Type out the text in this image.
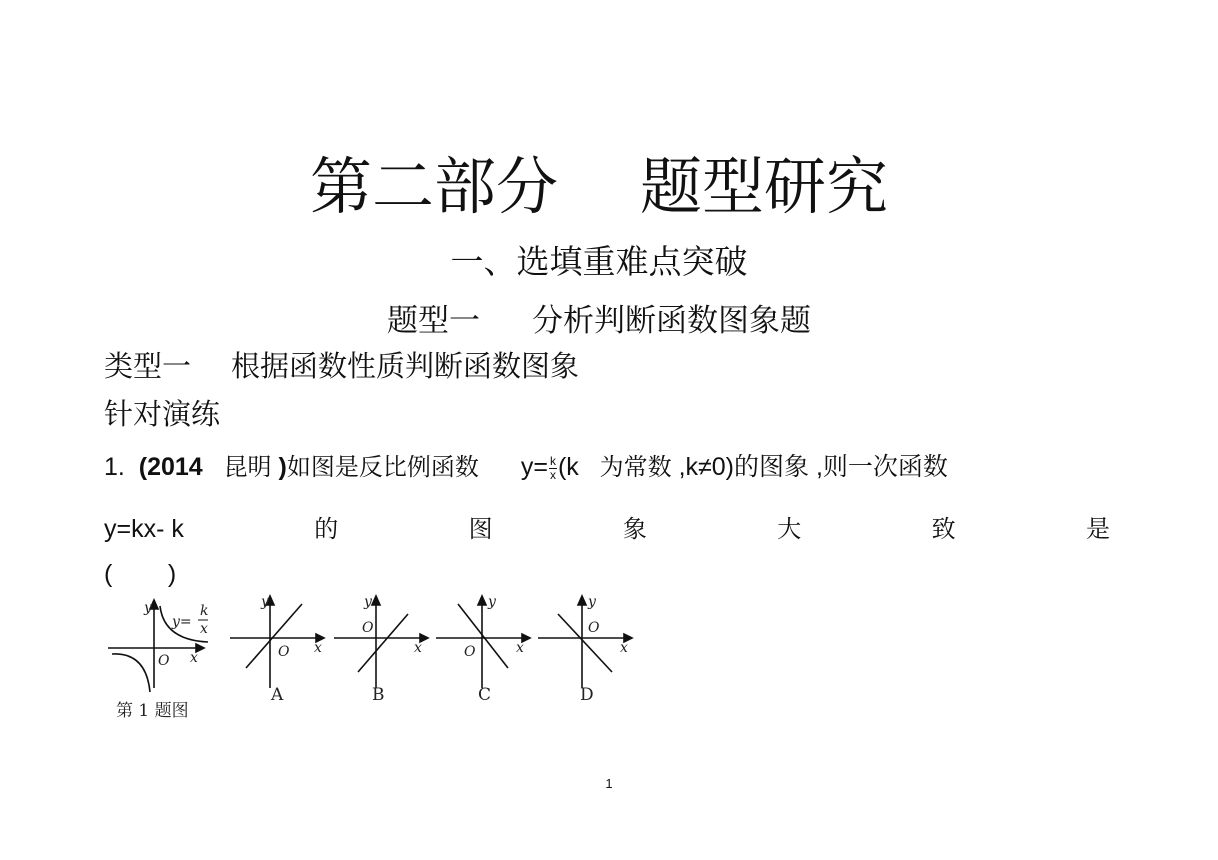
第二部分 题型研究
一、选填重难点突破
题型一 分析判断函数图象题
类型一 根据函数性质判断函数图象
针对演练
1. (2014 昆明 )如图是反比例函数 $y= \frac{k}{x} (k$ 为常数 ,k≠0)的图象 ,则一次函数
y=kx- k	的	图	象	大	致	是
(        )
y
x
O
y=
k
x
第 1 题图
y
x
O
A
y
x
O
B
y
x
O
C
y
x
O
D
1
